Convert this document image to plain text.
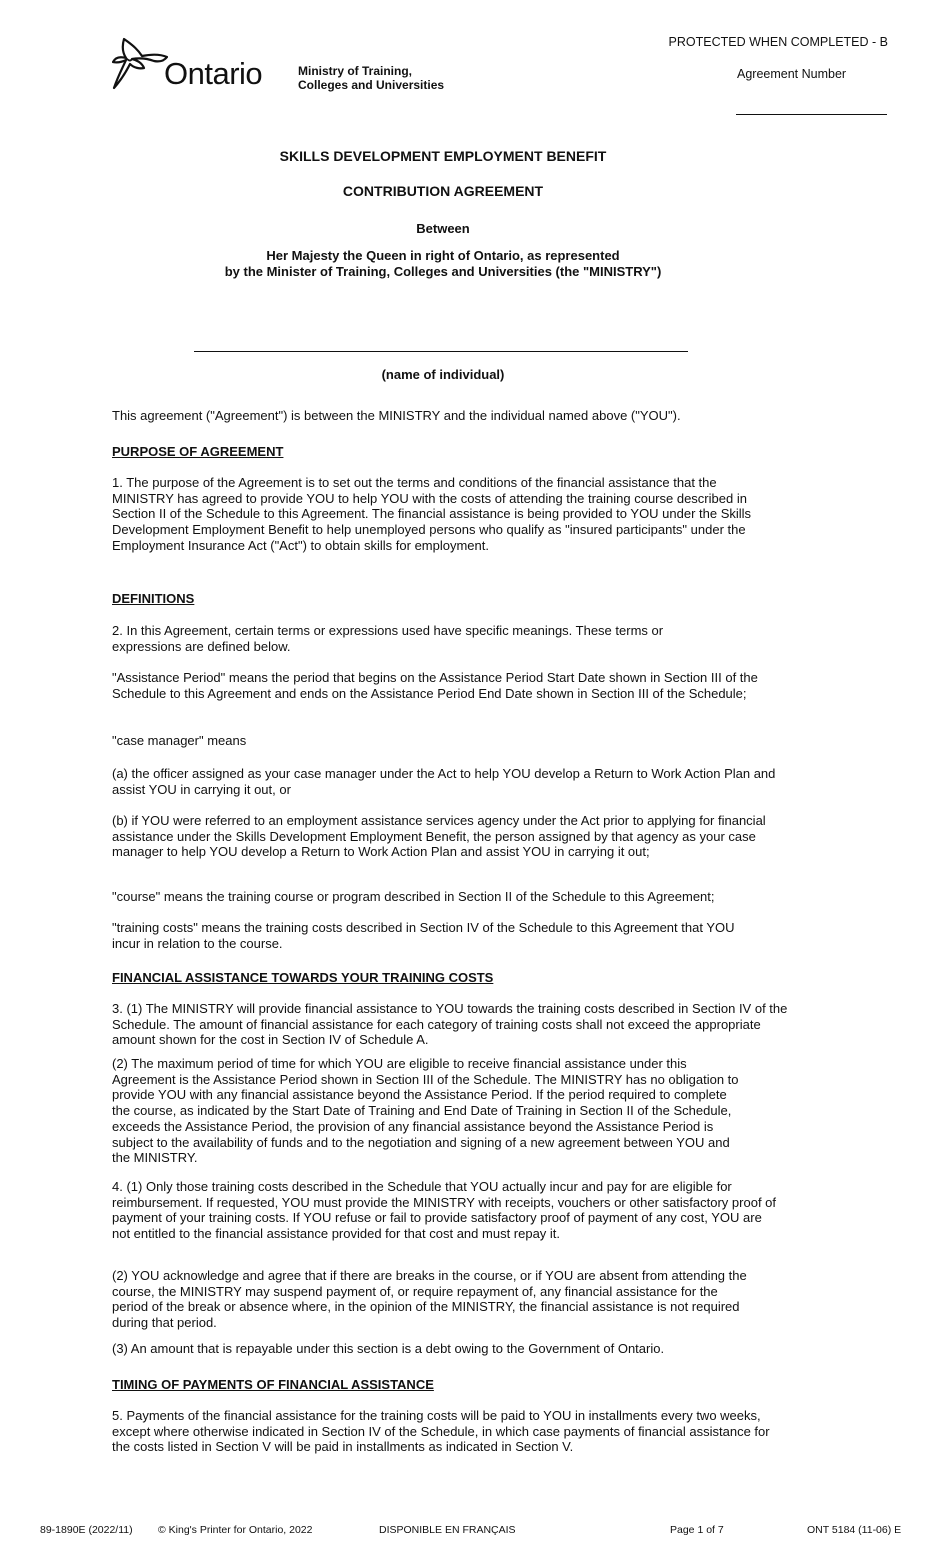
Ontario	Ministry of Training,
Colleges and Universities
PROTECTED WHEN COMPLETED - B
Agreement Number
SKILLS DEVELOPMENT EMPLOYMENT BENEFIT
CONTRIBUTION AGREEMENT
Between
Her Majesty the Queen in right of Ontario, as represented
by the Minister of Training, Colleges and Universities (the "MINISTRY")
(name of individual)

This agreement ("Agreement") is between the MINISTRY and the individual named above ("YOU").

PURPOSE OF AGREEMENT

1. The purpose of the Agreement is to set out the terms and conditions of the financial assistance that the MINISTRY has agreed to provide YOU to help YOU with the costs of attending the training course described in Section II of the Schedule to this Agreement. The financial assistance is being provided to YOU under the Skills Development Employment Benefit to help unemployed persons who qualify as "insured participants" under the Employment Insurance Act ("Act") to obtain skills for employment.

DEFINITIONS

2. In this Agreement, certain terms or expressions used have specific meanings. These terms or expressions are defined below.

"Assistance Period" means the period that begins on the Assistance Period Start Date shown in Section III of the Schedule to this Agreement and ends on the Assistance Period End Date shown in Section III of the Schedule;

"case manager" means

(a) the officer assigned as your case manager under the Act to help YOU develop a Return to Work Action Plan and assist YOU in carrying it out, or

(b) if YOU were referred to an employment assistance services agency under the Act prior to applying for financial assistance under the Skills Development Employment Benefit, the person assigned by that agency as your case manager to help YOU develop a Return to Work Action Plan and assist YOU in carrying it out;

"course" means the training course or program described in Section II of the Schedule to this Agreement;

"training costs" means the training costs described in Section IV of the Schedule to this Agreement that YOU incur in relation to the course.

FINANCIAL ASSISTANCE TOWARDS YOUR TRAINING COSTS

3. (1) The MINISTRY will provide financial assistance to YOU towards the training costs described in Section IV of the Schedule. The amount of financial assistance for each category of training costs shall not exceed the appropriate amount shown for the cost in Section IV of Schedule A.

(2) The maximum period of time for which YOU are eligible to receive financial assistance under this Agreement is the Assistance Period shown in Section III of the Schedule. The MINISTRY has no obligation to provide YOU with any financial assistance beyond the Assistance Period. If the period required to complete the course, as indicated by the Start Date of Training and End Date of Training in Section II of the Schedule, exceeds the Assistance Period, the provision of any financial assistance beyond the Assistance Period is subject to the availability of funds and to the negotiation and signing of a new agreement between YOU and the MINISTRY.

4. (1) Only those training costs described in the Schedule that YOU actually incur and pay for are eligible for reimbursement. If requested, YOU must provide the MINISTRY with receipts, vouchers or other satisfactory proof of payment of your training costs. If YOU refuse or fail to provide satisfactory proof of payment of any cost, YOU are not entitled to the financial assistance provided for that cost and must repay it.

(2) YOU acknowledge and agree that if there are breaks in the course, or if YOU are absent from attending the course, the MINISTRY may suspend payment of, or require repayment of, any financial assistance for the period of the break or absence where, in the opinion of the MINISTRY, the financial assistance is not required during that period.

(3) An amount that is repayable under this section is a debt owing to the Government of Ontario.

TIMING OF PAYMENTS OF FINANCIAL ASSISTANCE

5. Payments of the financial assistance for the training costs will be paid to YOU in installments every two weeks, except where otherwise indicated in Section IV of the Schedule, in which case payments of financial assistance for the costs listed in Section V will be paid in installments as indicated in Section V.

89-1890E (2022/11) © King's Printer for Ontario, 2022	DISPONIBLE EN FRANÇAIS	Page 1 of 7	ONT 5184 (11-06) E
